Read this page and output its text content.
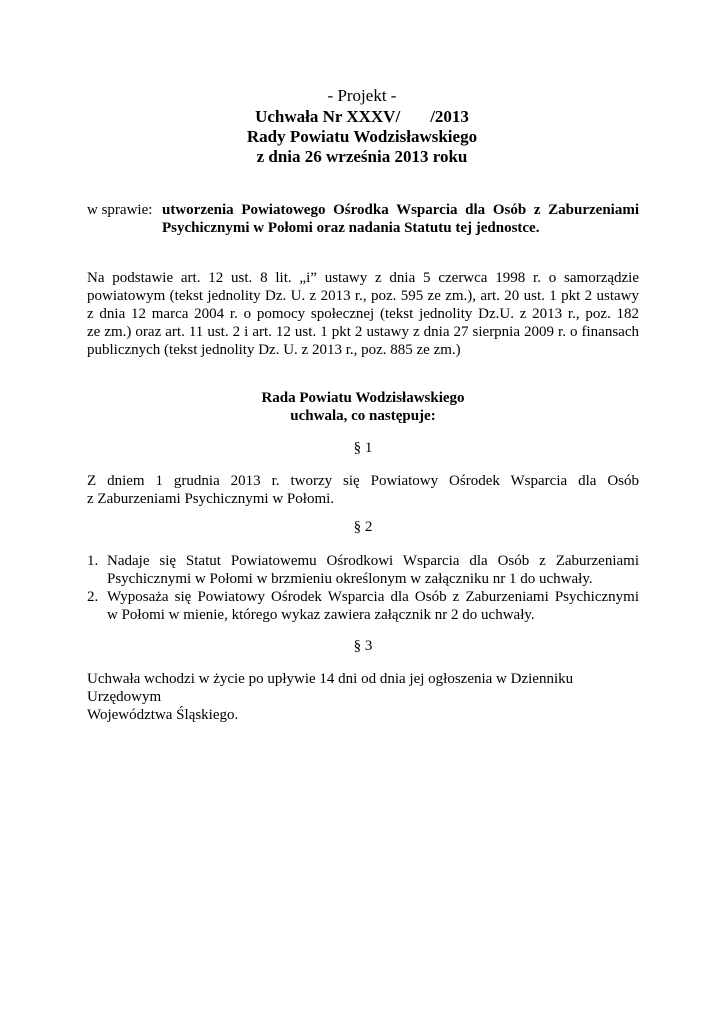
- Projekt -
Uchwała Nr XXXV/ /2013
Rady Powiatu Wodzisławskiego
z dnia 26 września 2013 roku
w sprawie: utworzenia Powiatowego Ośrodka Wsparcia dla Osób z Zaburzeniami Psychicznymi w Połomi oraz nadania Statutu tej jednostce.
Na podstawie art. 12 ust. 8 lit. „i” ustawy z dnia 5 czerwca 1998 r. o samorządzie
powiatowym (tekst jednolity Dz. U. z 2013 r., poz. 595 ze zm.), art. 20 ust. 1 pkt 2 ustawy
z dnia 12 marca 2004 r. o pomocy społecznej (tekst jednolity Dz.U. z 2013 r., poz. 182
ze zm.) oraz art. 11 ust. 2 i art. 12 ust. 1 pkt 2 ustawy z dnia 27 sierpnia 2009 r. o finansach
publicznych (tekst jednolity Dz. U. z 2013 r., poz. 885 ze zm.)
Rada Powiatu Wodzisławskiego
uchwala, co następuje:
§ 1
Z dniem 1 grudnia 2013 r. tworzy się Powiatowy Ośrodek Wsparcia dla Osób
z Zaburzeniami Psychicznymi w Połomi.
§ 2
1. Nadaje się Statut Powiatowemu Ośrodkowi Wsparcia dla Osób z Zaburzeniami
Psychicznymi w Połomi w brzmieniu określonym w załączniku nr 1 do uchwały.
2. Wyposaża się Powiatowy Ośrodek Wsparcia dla Osób z Zaburzeniami Psychicznymi
w Połomi w mienie, którego wykaz zawiera załącznik nr 2 do uchwały.
§ 3
Uchwała wchodzi w życie po upływie 14 dni od dnia jej ogłoszenia w Dzienniku Urzędowym
Województwa Śląskiego.
